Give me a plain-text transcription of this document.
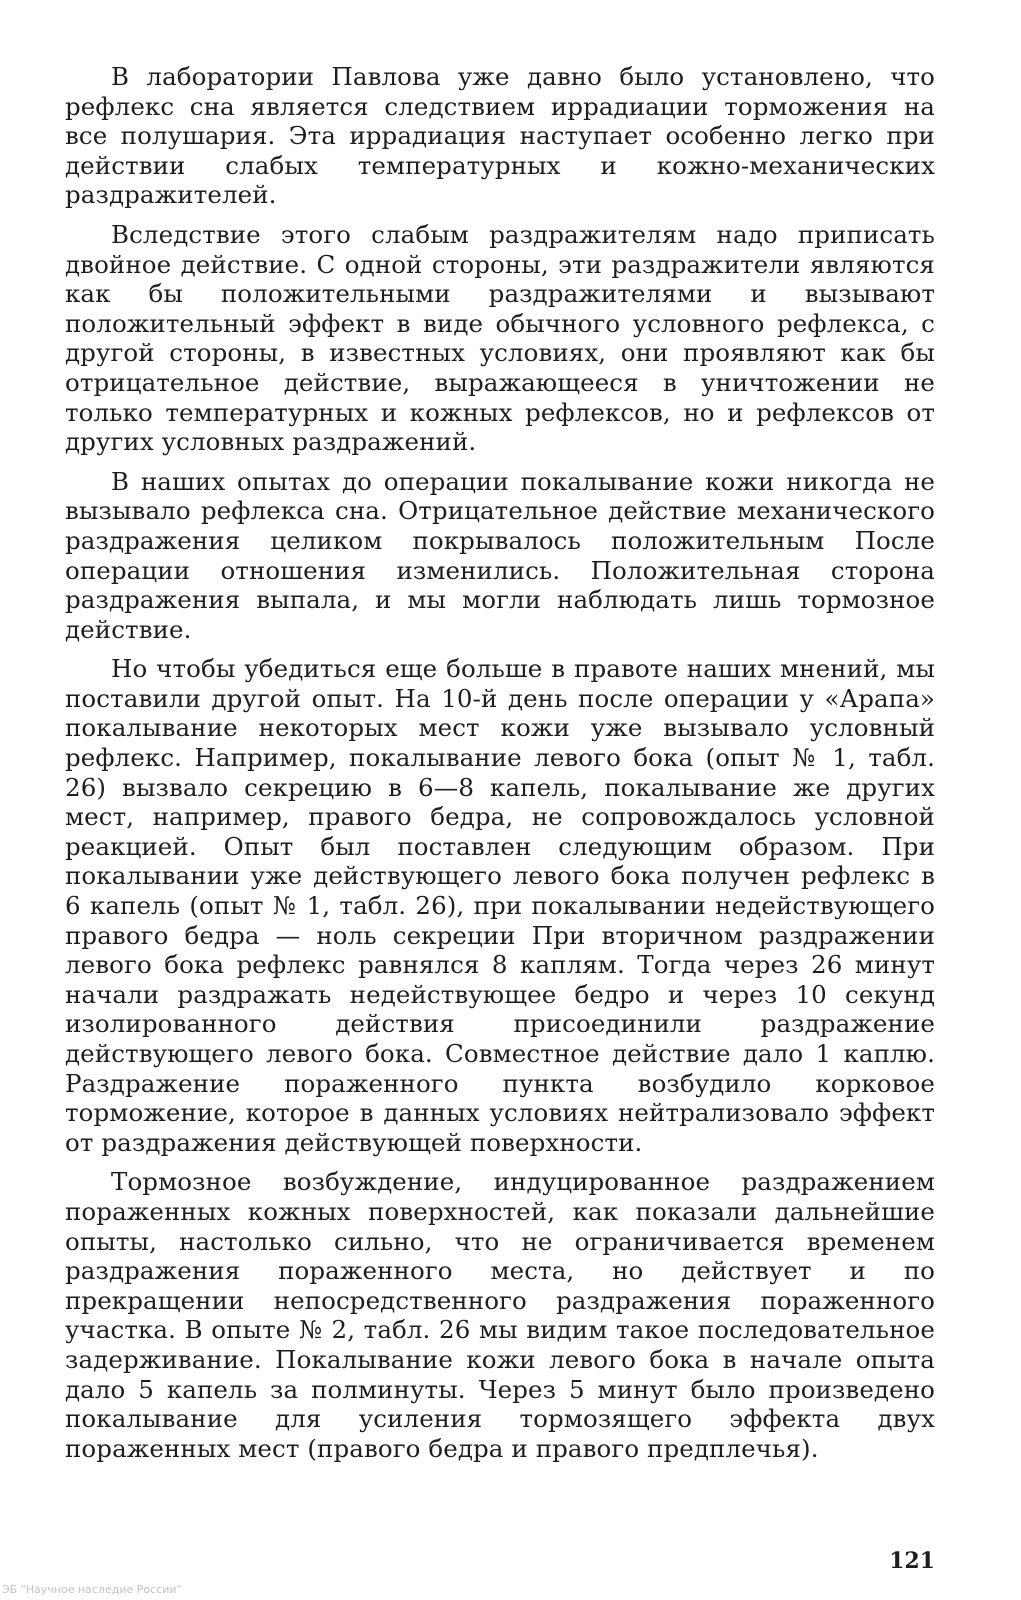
В лаборатории Павлова уже давно было установлено, что рефлекс сна является следствием иррадиации торможения на все полушария. Эта иррадиация наступает особенно легко при действии слабых температурных и кожно-механических раздражителей.

Вследствие этого слабым раздражителям надо приписать двойное действие. С одной стороны, эти раздражители являются как бы положительными раздражителями и вызывают положительный эффект в виде обычного условного рефлекса, с другой стороны, в известных условиях, они проявляют как бы отрицательное действие, выражающееся в уничтожении не только температурных и кожных рефлексов, но и рефлексов от других условных раздражений.

В наших опытах до операции покалывание кожи никогда не вызывало рефлекса сна. Отрицательное действие механического раздражения целиком покрывалось положительным После операции отношения изменились. Положительная сторона раздражения выпала, и мы могли наблюдать лишь тормозное действие.

Но чтобы убедиться еще больше в правоте наших мнений, мы поставили другой опыт. На 10-й день после операции у «Арапа» покалывание некоторых мест кожи уже вызывало условный рефлекс. Например, покалывание левого бока (опыт № 1, табл. 26) вызвало секрецию в 6—8 капель, покалывание же других мест, например, правого бедра, не сопровождалось условной реакцией. Опыт был поставлен следующим образом. При покалывании уже действующего левого бока получен рефлекс в 6 капель (опыт № 1, табл. 26), при покалывании недействующего правого бедра — ноль секреции При вторичном раздражении левого бока рефлекс равнялся 8 каплям. Тогда через 26 минут начали раздражать недействующее бедро и через 10 секунд изолированного действия присоединили раздражение действующего левого бока. Совместное действие дало 1 каплю. Раздражение пораженного пункта возбудило корковое торможение, которое в данных условиях нейтрализовало эффект от раздражения действующей поверхности.

Тормозное возбуждение, индуцированное раздражением пораженных кожных поверхностей, как показали дальнейшие опыты, настолько сильно, что не ограничивается временем раздражения пораженного места, но действует и по прекращении непосредственного раздражения пораженного участка. В опыте № 2, табл. 26 мы видим такое последовательное задерживание. Покалывание кожи левого бока в начале опыта дало 5 капель за полминуты. Через 5 минут было произведено покалывание для усиления тормозящего эффекта двух пораженных мест (правого бедра и правого предплечья).

121
ЭБ "Научное наследие России"
